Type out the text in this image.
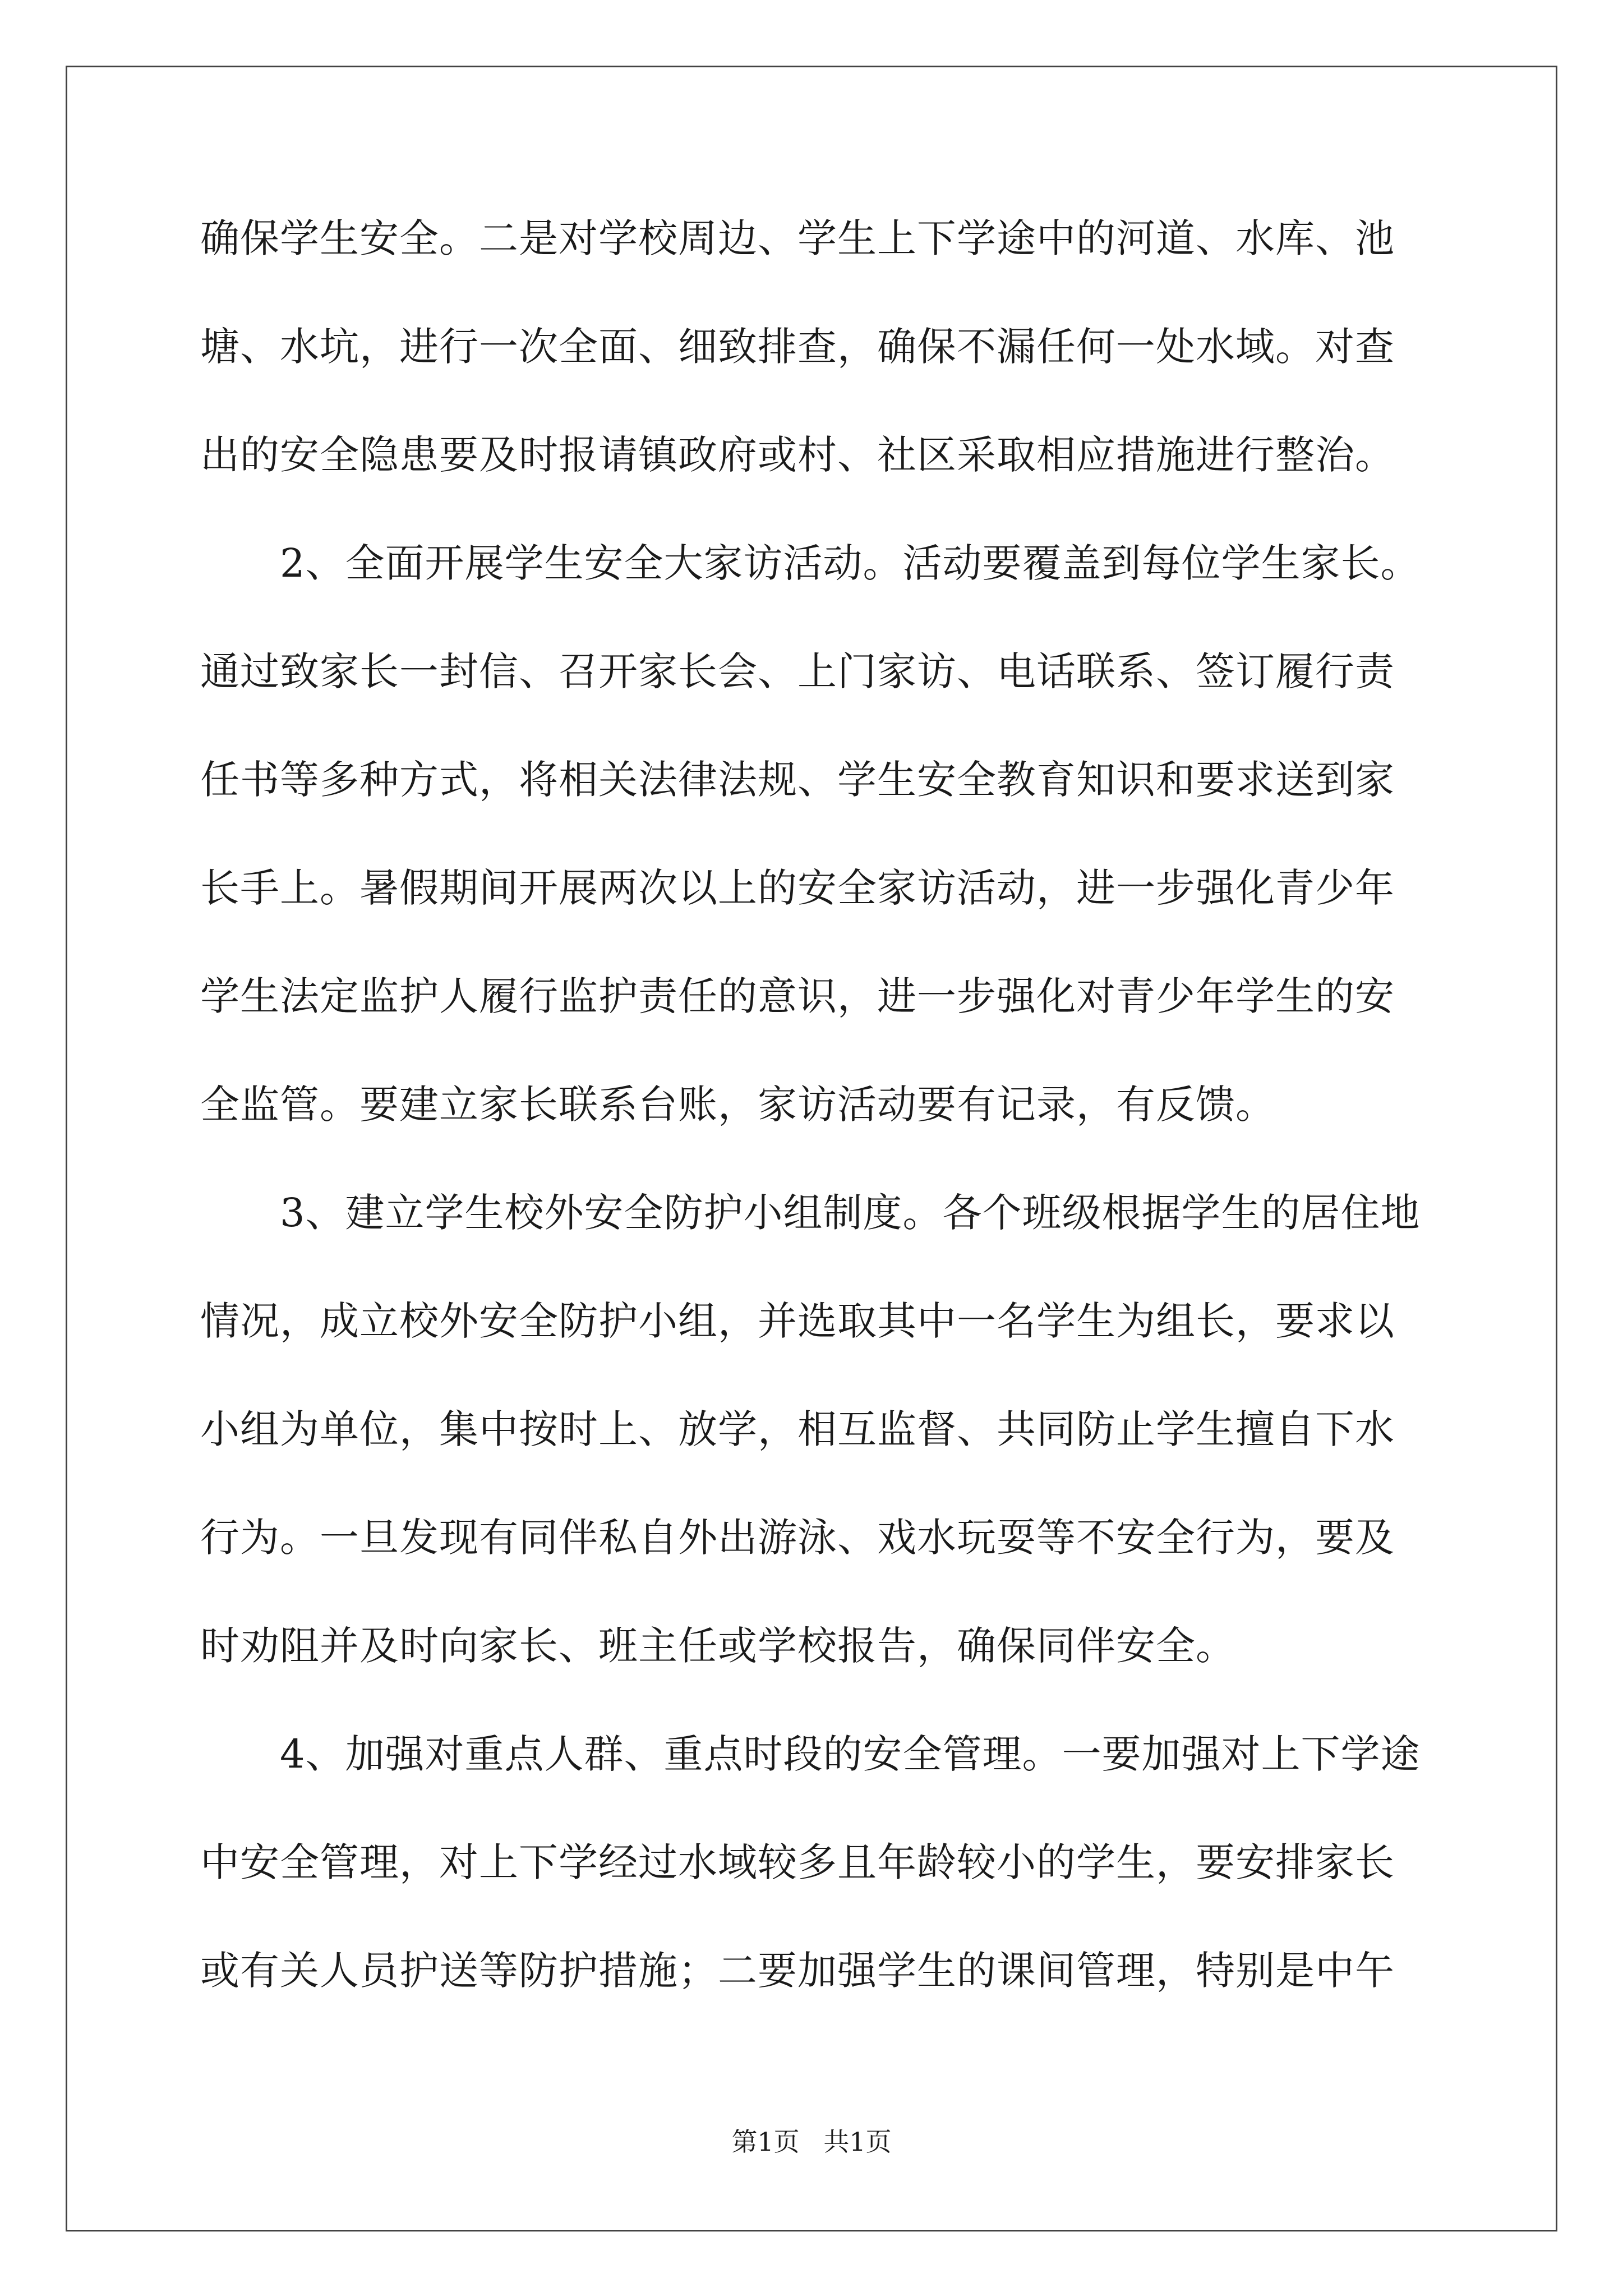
确保学生安全。二是对学校周边、学生上下学途中的河道、水库、池
塘、水坑，进行一次全面、细致排查，确保不漏任何一处水域。对查
出的安全隐患要及时报请镇政府或村、社区采取相应措施进行整治。
　　2、全面开展学生安全大家访活动。活动要覆盖到每位学生家长。
通过致家长一封信、召开家长会、上门家访、电话联系、签订履行责
任书等多种方式，将相关法律法规、学生安全教育知识和要求送到家
长手上。暑假期间开展两次以上的安全家访活动，进一步强化青少年
学生法定监护人履行监护责任的意识，进一步强化对青少年学生的安
全监管。要建立家长联系台账，家访活动要有记录，有反馈。
　　3、建立学生校外安全防护小组制度。各个班级根据学生的居住地
情况，成立校外安全防护小组，并选取其中一名学生为组长，要求以
小组为单位，集中按时上、放学，相互监督、共同防止学生擅自下水
行为。一旦发现有同伴私自外出游泳、戏水玩耍等不安全行为，要及
时劝阻并及时向家长、班主任或学校报告，确保同伴安全。
　　4、加强对重点人群、重点时段的安全管理。一要加强对上下学途
中安全管理，对上下学经过水域较多且年龄较小的学生，要安排家长
或有关人员护送等防护措施；二要加强学生的课间管理，特别是中午
第1页 共1页
